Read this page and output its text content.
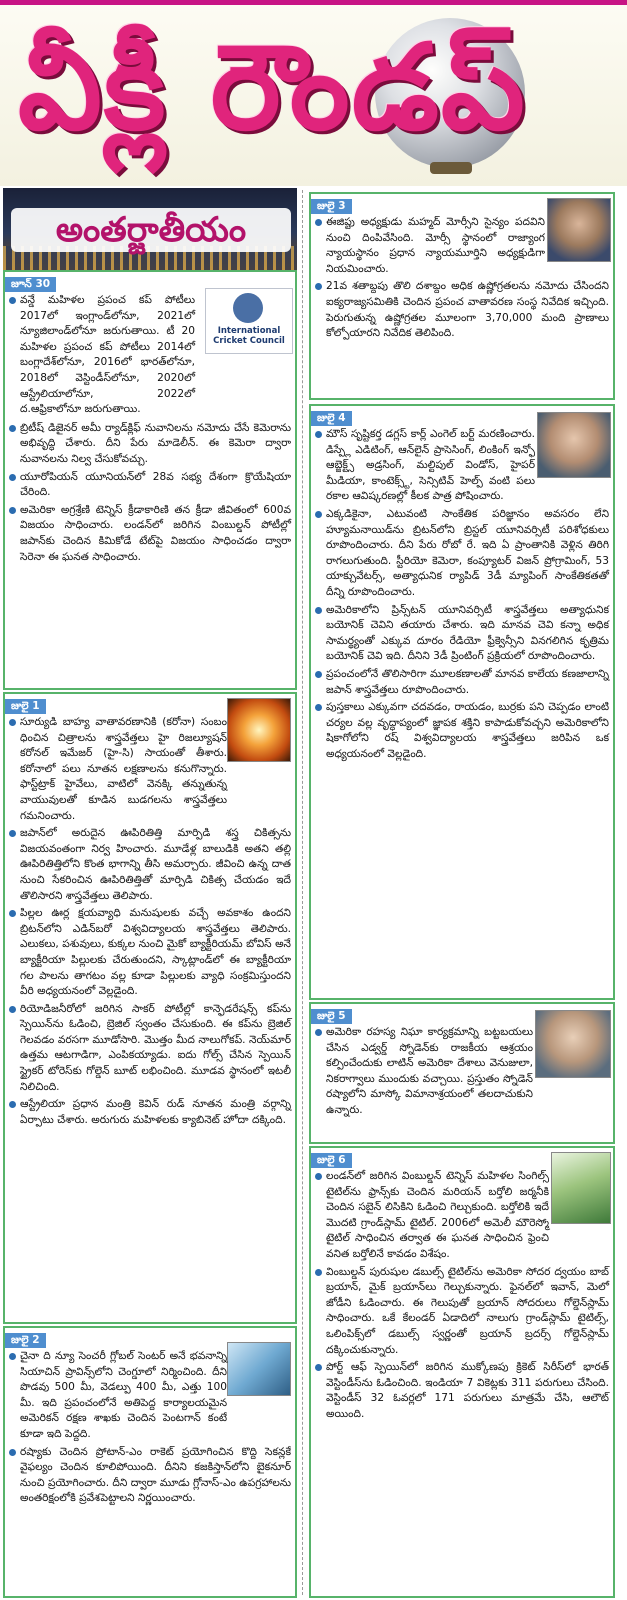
వీక్లీ రౌండప్
అంతర్జాతీయం
జూన్ 30
International
Cricket Council
వన్డే మహిళల ప్రపంచ కప్ పోటీలు 2017లో ఇంగ్లాండ్‌లోనూ, 2021లో న్యూజిలాండ్‌లోనూ జరుగుతాయి. టీ 20 మహిళల ప్రపంచ కప్ పోటీలు 2014లో బంగ్లాదేశ్‌లోనూ, 2016లో భారత్‌లోనూ, 2018లో వెస్టిండీస్‌లోనూ, 2020లో ఆస్ట్రేలియాలోనూ, 2022లో ద.ఆఫ్రికాలోనూ జరుగుతాయి.
బ్రిటీష్ డిజైనర్ అమీ ర్యాడ్‌క్లిఫ్ నువానిలను నమోదు చేసే కెమెరాను అభివృద్ధి చేశారు. దీని పేరు మాడెలీన్. ఈ కెమెరా ద్వారా నువానలను నిల్వ చేసుకోవచ్చు.
యూరోపియన్ యూనియన్‌లో 28వ సభ్య దేశంగా క్రొయేషియా చేరింది.
అమెరికా అగ్రశ్రేణి టెన్నిస్ క్రీడాకారిణి తన క్రీడా జీవితంలో 600వ విజయం సాధించారు. లండన్‌లో జరిగిన వింబుల్డన్ పోటీల్లో జపాన్‌కు చెందిన కిమికోడే టేట్‌పై విజయం సాధించడం ద్వారా సెరెనా ఈ ఘనత సాధించారు.
జులై 1
సూర్యుడి బాహ్య వాతావరణానికి (కరోనా) సంబం ధించిన చిత్రాలను శాస్త్రవేత్తలు హై రిజల్యూషన్ కరోనల్ ఇమేజర్ (హై-సి) సాయంతో తీశారు. కరోనాలో పలు నూతన లక్షణాలను కనుగొన్నారు. ఫాస్ట్‌ట్రాక్ హైవేలు, వాటిలో వెనక్కి తన్నుతున్న వాయువులతో కూడిన బుడగలను శాస్త్రవేత్తలు గమనించారు.
జపాన్‌లో అరుదైన ఊపిరితిత్తి మార్పిడి శస్త్ర చికిత్సను విజయవంతంగా నిర్వ హించారు. మూడేళ్ల బాలుడికి అతని తల్లి ఊపిరితిత్తిలోని కొంత భాగాన్ని తీసి అమర్చారు. జీవించి ఉన్న దాత నుంచి సేకరించిన ఊపిరితిత్తితో మార్పిడి చికిత్స చేయడం ఇదే తొలిసారని శాస్త్రవేత్తలు తెలిపారు.
పిల్లల ఊర్ల క్షయవ్యాధి మనుషులకు వచ్చే అవకాశం ఉందని బ్రిటన్‌లోని ఎడిన్‌బరో విశ్వవిద్యాలయ శాస్త్రవేత్తలు తెలిపారు. ఎలుకలు, పశువులు, కుక్కల నుంచి మైకో బ్యాక్టీరియమ్ బోవిస్ అనే బ్యాక్టీరియా పిల్లులకు చేరుతుందని, స్కాట్లాండ్‌లో ఈ బ్యాక్టీరియా గల పాలను తాగటం వల్ల కూడా పిల్లులకు వ్యాధి సంక్రమిస్తుందని వీరి అధ్యయనంలో వెల్లడైంది.
రియోడిజనీరోలో జరిగిన సాకర్ పోటీల్లో కాన్ఫెడరేషన్స్ కప్‌ను స్పెయిన్‌ను ఓడించి, బ్రెజిల్ స్వంతం చేసుకుంది. ఈ కప్‌ను బ్రెజిల్ గెలవడం వరసగా మూడోసారి. మొత్తం మీద నాలుగోకప్. నెయ్‌మార్ ఉత్తమ ఆటగాడిగా, ఎంపికయ్యాడు. ఐదు గోల్స్ చేసిన స్పెయిన్ స్ట్రైకర్ టోరెస్‌కు గోల్డెన్ బూట్ లభించింది. మూడవ స్థానంలో ఇటలీ నిలిచింది.
ఆస్ట్రేలియా ప్రధాన మంత్రి కెవిన్ రుడ్ నూతన మంత్రి వర్గాన్ని ఏర్పాటు చేశారు. అరుగురు మహిళలకు క్యాబినెట్ హోదా దక్కింది.
జులై 2
చైనా ది న్యూ సెంచరీ గ్లోబల్ సెంటర్ అనే భవనాన్ని సియాచిన్ ప్రావిన్స్‌లోని చెంగ్డూలో నిర్మించింది. దీని పొడవు 500 మీ, వెడల్పు 400 మీ, ఎత్తు 100 మీ. ఇది ప్రపంచంలోనే అతిపెద్ద కార్యాలయమైన అమెరికన్ రక్షణ శాఖకు చెందిన పెంటగాన్ కంటే కూడా ఇది పెద్దది.
రష్యాకు చెందిన ప్రోటాన్-ఎం రాకెట్ ప్రయోగించిన కొద్ది సెకన్లకే వైఫల్యం చెందిన కూలిపోయింది. దీనిని కజకిస్తాన్‌లోని బైకనూర్ నుంచి ప్రయోగించారు. దీని ద్వారా మూడు గ్లోనాస్-ఎం ఉపగ్రహాలను అంతరిక్షంలోకి ప్రవేశపెట్టాలని నిర్ణయించారు.
జులై 3
ఈజిప్టు అధ్యక్షుడు మహ్మద్ మోర్సీని సైన్యం పదవిని నుంచి దింపివేసింది. మోర్సీ స్థానంలో రాజ్యాంగ న్యాయస్థానం ప్రధాన న్యాయమూర్తిని అధ్యక్షుడిగా నియమించారు.
21వ శతాబ్దపు తొలి దశాబ్దం అధిక ఉష్ణోగ్రతలను నమోదు చేసిందని ఐక్యరాజ్యసమితికి చెందిన ప్రపంచ వాతావరణ సంస్థ నివేదిక ఇచ్చింది. పెరుగుతున్న ఉష్ణోగ్రతల మూలంగా 3,70,000 మంది ప్రాణాలు కోల్పోయారని నివేదిక తెలిపింది.
జులై 4
మౌస్ సృష్టికర్త డగ్లస్ కార్ల్ ఎంగెల్ బర్ట్ మరణించారు. డిస్ప్లే ఎడిటింగ్, ఆన్‌లైన్ ప్రాసెసింగ్, లింకింగ్ ఇన్ఫో ఆబ్జెక్ట్స్ అడ్రసింగ్, మల్టిపుల్ విండోస్, హైపర్ మీడియా, కాంటెక్స్ట్, సెన్సిటివ్ హెల్ప్ వంటి పలు రకాల ఆవిష్కరణల్లో కీలక పాత్ర పోషించారు.
ఎక్కడికైనా, ఎటువంటి సాంకేతిక పరిజ్ఞానం అవసరం లేని హ్యూమనాయిడ్‌ను బ్రిటన్‌లోని బ్రిస్టల్ యూనివర్సిటీ పరిశోధకులు రూపొందించారు. దీని పేరు రోబో రే. ఇది ఏ ప్రాంతానికి వెళ్లిన తిరిగి రాగలుగుతుంది. స్టీరియో కెమెరా, కంప్యూటర్ విజన్ ప్రోగ్రామింగ్, 53 యాక్చువేటర్స్, అత్యాధునిక ర్యాపిడ్ 3డీ మ్యాపింగ్ సాంకేతికతతో దీన్ని రూపొందించారు.
అమెరికాలోని ప్రిన్స్‌టన్ యూనివర్సిటీ శాస్త్రవేత్తలు అత్యాధునిక బయోనిక్ చెవిని తయారు చేశారు. ఇది మానవ చెవి కన్నా అధిక సామర్థ్యంతో ఎక్కువ దూరం రేడియో ఫ్రీక్వెన్సీని వినగలిగిన కృత్రిమ బయోనిక్ చెవి ఇది. దీనిని 3డీ ప్రింటింగ్ ప్రక్రియలో రూపొందించారు.
ప్రపంచంలోనే తొలిసారిగా మూలకణాలతో మానవ కాలేయ కణజాలాన్ని జపాన్ శాస్త్రవేత్తలు రూపొందించారు.
పుస్తకాలు ఎక్కువగా చదవడం, రాయడం, బుర్రకు పని చెప్పడం లాంటి చర్యల వల్ల వృద్ధాప్యంలో జ్ఞాపక శక్తిని కాపాడుకోవచ్చని అమెరికాలోని షికాగోలోని రష్ విశ్వవిద్యాలయ శాస్త్రవేత్తలు జరిపిన ఒక అధ్యయనంలో వెల్లడైంది.
జులై 5
అమెరికా రహస్య నిఘా కార్యక్రమాన్ని బట్టబయలు చేసిన ఎడ్వర్డ్ స్నోడెన్‌కు రాజకీయ ఆశ్రయం కల్పించేందుకు లాటిన్ అమెరికా దేశాలు వెనుజులా, నికరాగ్వాలు ముందుకు వచ్చాయి. ప్రస్తుతం స్నోడెన్ రష్యాలోని మాస్కో విమానాశ్రయంలో తలదాచుకుని ఉన్నారు.
జులై 6
లండన్‌లో జరిగిన వింబుల్డన్ టెన్నిస్ మహిళల సింగిల్స్ టైటిల్‌ను ఫ్రాన్స్‌కు చెందిన మరియన్ బర్తోలి జర్మనీకి చెందిన సబైన్ లిసికిని ఓడించి గెల్చుకుంది. బర్తోలికి ఇదే మొదటి గ్రాండ్‌స్లామ్ టైటిల్. 2006లో అమెలీ మౌరెస్మో టైటిల్ సాధించిన తర్వాత ఈ ఘనత సాధించిన ఫ్రెంచి వనిత బర్తోలినే కావడం విశేషం.
వింబుల్డన్ పురుషుల డబుల్స్ టైటిల్‌ను అమెరికా సోదర ద్వయం బాబ్ బ్రయాన్, మైక్ బ్రయాన్‌లు గెల్చుకున్నారు. ఫైనల్‌లో ఇవాన్, మెలో జోడీని ఓడించారు. ఈ గెలుపుతో బ్రయాన్ సోదరులు గోల్డెన్‌స్లామ్ సాధించారు. ఒకే కేలండర్ ఏడాదిలో నాలుగు గ్రాండ్‌స్లామ్ టైటిల్స్, ఒలింపిక్స్‌లో డబుల్స్ స్వర్ణంతో బ్రయాన్ బ్రదర్స్ గోల్డెన్‌స్లామ్ దక్కించుకున్నారు.
పోర్ట్ ఆఫ్ స్పెయిన్‌లో జరిగిన ముక్కోణపు క్రికెట్ సిరీస్‌లో భారత్ వెస్టిండీస్‌ను ఓడించింది. ఇండియా 7 వికెట్లకు 311 పరుగులు చేసింది. వెస్టిండీస్ 32 ఓవర్లలో 171 పరుగులు మాత్రమే చేసి, ఆలౌట్ అయింది.
